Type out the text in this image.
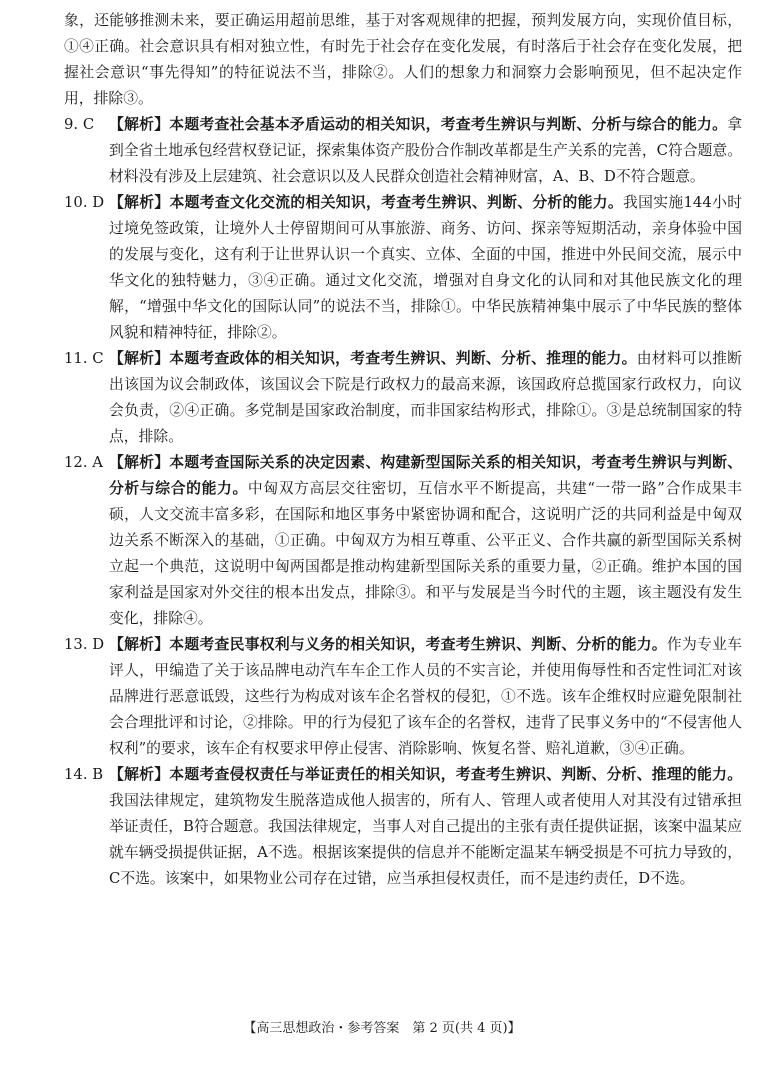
象，还能够推测未来，要正确运用超前思维，基于对客观规律的把握，预判发展方向，实现价值目标，①④正确。社会意识具有相对独立性，有时先于社会存在变化发展，有时落后于社会存在变化发展，把握社会意识“事先得知”的特征说法不当，排除②。人们的想象力和洞察力会影响预见，但不起决定作用，排除③。

9. C	【解析】本题考查社会基本矛盾运动的相关知识，考查考生辨识与判断、分析与综合的能力。拿到全省土地承包经营权登记证，探索集体资产股份合作制改革都是生产关系的完善，C符合题意。材料没有涉及上层建筑、社会意识以及人民群众创造社会精神财富，A、B、D不符合题意。
10. D 【解析】本题考查文化交流的相关知识，考查考生辨识、判断、分析的能力。我国实施144小时过境免签政策，让境外人士停留期间可从事旅游、商务、访问、探亲等短期活动，亲身体验中国的发展与变化，这有利于让世界认识一个真实、立体、全面的中国，推进中外民间交流，展示中华文化的独特魅力，③④正确。通过文化交流，增强对自身文化的认同和对其他民族文化的理解，“增强中华文化的国际认同”的说法不当，排除①。中华民族精神集中展示了中华民族的整体风貌和精神特征，排除②。
11. C 【解析】本题考查政体的相关知识，考查考生辨识、判断、分析、推理的能力。由材料可以推断出该国为议会制政体，该国议会下院是行政权力的最高来源，该国政府总揽国家行政权力，向议会负责，②④正确。多党制是国家政治制度，而非国家结构形式，排除①。③是总统制国家的特点，排除。
12. A 【解析】本题考查国际关系的决定因素、构建新型国际关系的相关知识，考查考生辨识与判断、分析与综合的能力。中匈双方高层交往密切，互信水平不断提高，共建“一带一路”合作成果丰硕，人文交流丰富多彩，在国际和地区事务中紧密协调和配合，这说明广泛的共同利益是中匈双边关系不断深入的基础，①正确。中匈双方为相互尊重、公平正义、合作共赢的新型国际关系树立起一个典范，这说明中匈两国都是推动构建新型国际关系的重要力量，②正确。维护本国的国家利益是国家对外交往的根本出发点，排除③。和平与发展是当今时代的主题，该主题没有发生变化，排除④。
13. D 【解析】本题考查民事权利与义务的相关知识，考查考生辨识、判断、分析的能力。作为专业车评人，甲编造了关于该品牌电动汽车车企工作人员的不实言论，并使用侮辱性和否定性词汇对该品牌进行恶意诋毁，这些行为构成对该车企名誉权的侵犯，①不选。该车企维权时应避免限制社会合理批评和讨论，②排除。甲的行为侵犯了该车企的名誉权，违背了民事义务中的“不侵害他人权利”的要求，该车企有权要求甲停止侵害、消除影响、恢复名誉、赔礼道歉，③④正确。
14. B 【解析】本题考查侵权责任与举证责任的相关知识，考查考生辨识、判断、分析、推理的能力。我国法律规定，建筑物发生脱落造成他人损害的，所有人、管理人或者使用人对其没有过错承担举证责任，B符合题意。我国法律规定，当事人对自己提出的主张有责任提供证据，该案中温某应就车辆受损提供证据，A不选。根据该案提供的信息并不能断定温某车辆受损是不可抗力导致的，C不选。该案中，如果物业公司存在过错，应当承担侵权责任，而不是违约责任，D不选。
【高三思想政治・参考答案　第 2 页(共 4 页)】
